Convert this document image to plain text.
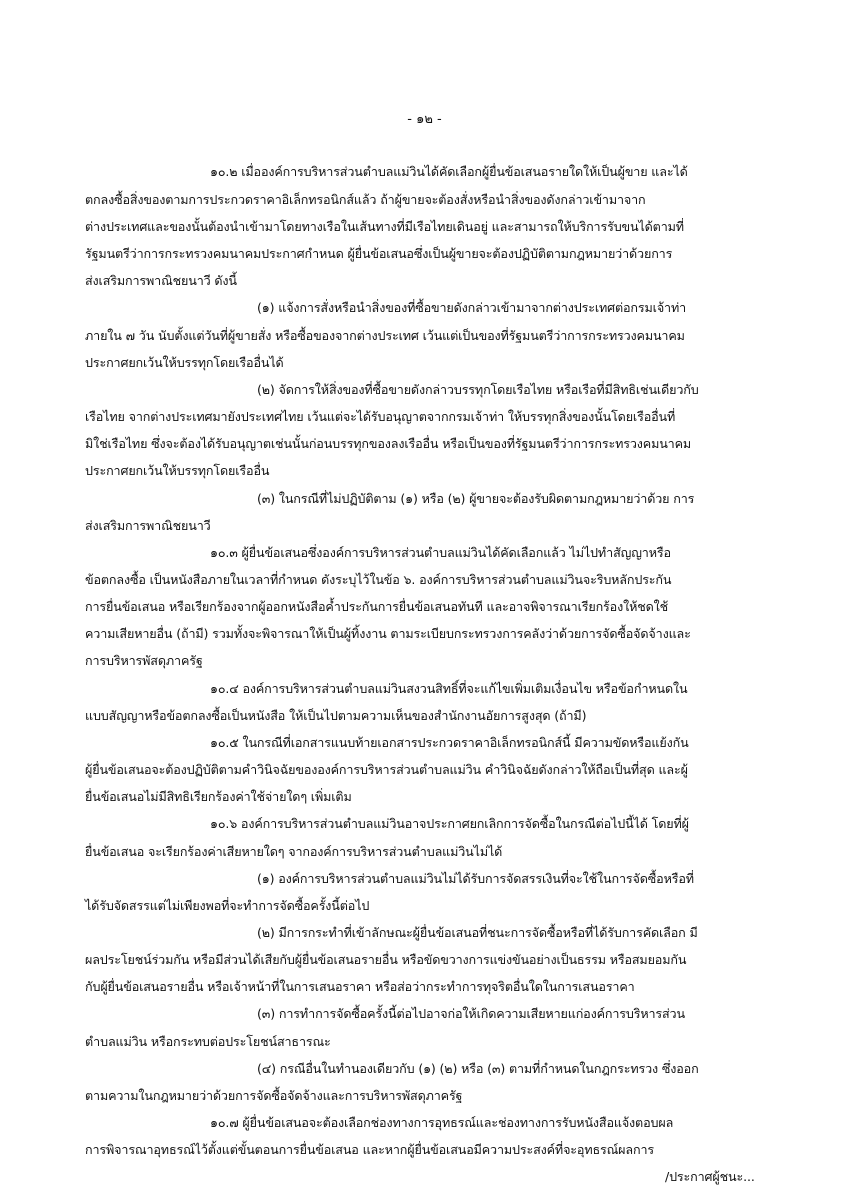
- ๑๒ -
๑๐.๒ เมื่อองค์การบริหารส่วนตำบลแม่วินได้คัดเลือกผู้ยื่นข้อเสนอรายใดให้เป็นผู้ขาย และได้
ตกลงซื้อสิ่งของตามการประกวดราคาอิเล็กทรอนิกส์แล้ว ถ้าผู้ขายจะต้องสั่งหรือนำสิ่งของดังกล่าวเข้ามาจาก
ต่างประเทศและของนั้นต้องนำเข้ามาโดยทางเรือในเส้นทางที่มีเรือไทยเดินอยู่ และสามารถให้บริการรับขนได้ตามที่
รัฐมนตรีว่าการกระทรวงคมนาคมประกาศกำหนด ผู้ยื่นข้อเสนอซึ่งเป็นผู้ขายจะต้องปฏิบัติตามกฎหมายว่าด้วยการ
ส่งเสริมการพาณิชยนาวี ดังนี้
(๑) แจ้งการสั่งหรือนำสิ่งของที่ซื้อขายดังกล่าวเข้ามาจากต่างประเทศต่อกรมเจ้าท่า
ภายใน ๗ วัน นับตั้งแต่วันที่ผู้ขายสั่ง หรือซื้อของจากต่างประเทศ เว้นแต่เป็นของที่รัฐมนตรีว่าการกระทรวงคมนาคม
ประกาศยกเว้นให้บรรทุกโดยเรืออื่นได้
(๒) จัดการให้สิ่งของที่ซื้อขายดังกล่าวบรรทุกโดยเรือไทย หรือเรือที่มีสิทธิเช่นเดียวกับ
เรือไทย จากต่างประเทศมายังประเทศไทย เว้นแต่จะได้รับอนุญาตจากกรมเจ้าท่า ให้บรรทุกสิ่งของนั้นโดยเรืออื่นที่
มิใช่เรือไทย ซึ่งจะต้องได้รับอนุญาตเช่นนั้นก่อนบรรทุกของลงเรืออื่น หรือเป็นของที่รัฐมนตรีว่าการกระทรวงคมนาคม
ประกาศยกเว้นให้บรรทุกโดยเรืออื่น
(๓) ในกรณีที่ไม่ปฏิบัติตาม (๑) หรือ (๒) ผู้ขายจะต้องรับผิดตามกฎหมายว่าด้วย การ
ส่งเสริมการพาณิชยนาวี
๑๐.๓ ผู้ยื่นข้อเสนอซึ่งองค์การบริหารส่วนตำบลแม่วินได้คัดเลือกแล้ว ไม่ไปทำสัญญาหรือ
ข้อตกลงซื้อ เป็นหนังสือภายในเวลาที่กำหนด ดังระบุไว้ในข้อ ๖. องค์การบริหารส่วนตำบลแม่วินจะริบหลักประกัน
การยื่นข้อเสนอ หรือเรียกร้องจากผู้ออกหนังสือค้ำประกันการยื่นข้อเสนอทันที และอาจพิจารณาเรียกร้องให้ชดใช้
ความเสียหายอื่น (ถ้ามี) รวมทั้งจะพิจารณาให้เป็นผู้ทิ้งงาน ตามระเบียบกระทรวงการคลังว่าด้วยการจัดซื้อจัดจ้างและ
การบริหารพัสดุภาครัฐ
๑๐.๔ องค์การบริหารส่วนตำบลแม่วินสงวนสิทธิ์ที่จะแก้ไขเพิ่มเติมเงื่อนไข หรือข้อกำหนดใน
แบบสัญญาหรือข้อตกลงซื้อเป็นหนังสือ ให้เป็นไปตามความเห็นของสำนักงานอัยการสูงสุด (ถ้ามี)
๑๐.๕ ในกรณีที่เอกสารแนบท้ายเอกสารประกวดราคาอิเล็กทรอนิกส์นี้ มีความขัดหรือแย้งกัน
ผู้ยื่นข้อเสนอจะต้องปฏิบัติตามคำวินิจฉัยขององค์การบริหารส่วนตำบลแม่วิน คำวินิจฉัยดังกล่าวให้ถือเป็นที่สุด และผู้
ยื่นข้อเสนอไม่มีสิทธิเรียกร้องค่าใช้จ่ายใดๆ เพิ่มเติม
๑๐.๖ องค์การบริหารส่วนตำบลแม่วินอาจประกาศยกเลิกการจัดซื้อในกรณีต่อไปนี้ได้ โดยที่ผู้
ยื่นข้อเสนอ จะเรียกร้องค่าเสียหายใดๆ จากองค์การบริหารส่วนตำบลแม่วินไม่ได้
(๑) องค์การบริหารส่วนตำบลแม่วินไม่ได้รับการจัดสรรเงินที่จะใช้ในการจัดซื้อหรือที่
ได้รับจัดสรรแต่ไม่เพียงพอที่จะทำการจัดซื้อครั้งนี้ต่อไป
(๒) มีการกระทำที่เข้าลักษณะผู้ยื่นข้อเสนอที่ชนะการจัดซื้อหรือที่ได้รับการคัดเลือก มี
ผลประโยชน์ร่วมกัน หรือมีส่วนได้เสียกับผู้ยื่นข้อเสนอรายอื่น หรือขัดขวางการแข่งขันอย่างเป็นธรรม หรือสมยอมกัน
กับผู้ยื่นข้อเสนอรายอื่น หรือเจ้าหน้าที่ในการเสนอราคา หรือส่อว่ากระทำการทุจริตอื่นใดในการเสนอราคา
(๓) การทำการจัดซื้อครั้งนี้ต่อไปอาจก่อให้เกิดความเสียหายแก่องค์การบริหารส่วน
ตำบลแม่วิน หรือกระทบต่อประโยชน์สาธารณะ
(๔) กรณีอื่นในทำนองเดียวกับ (๑) (๒) หรือ (๓) ตามที่กำหนดในกฎกระทรวง ซึ่งออก
ตามความในกฎหมายว่าด้วยการจัดซื้อจัดจ้างและการบริหารพัสดุภาครัฐ
๑๐.๗ ผู้ยื่นข้อเสนอจะต้องเลือกช่องทางการอุทธรณ์และช่องทางการรับหนังสือแจ้งตอบผล
การพิจารณาอุทธรณ์ไว้ตั้งแต่ขั้นตอนการยื่นข้อเสนอ และหากผู้ยื่นข้อเสนอมีความประสงค์ที่จะอุทธรณ์ผลการ
/ประกาศผู้ชนะ...
